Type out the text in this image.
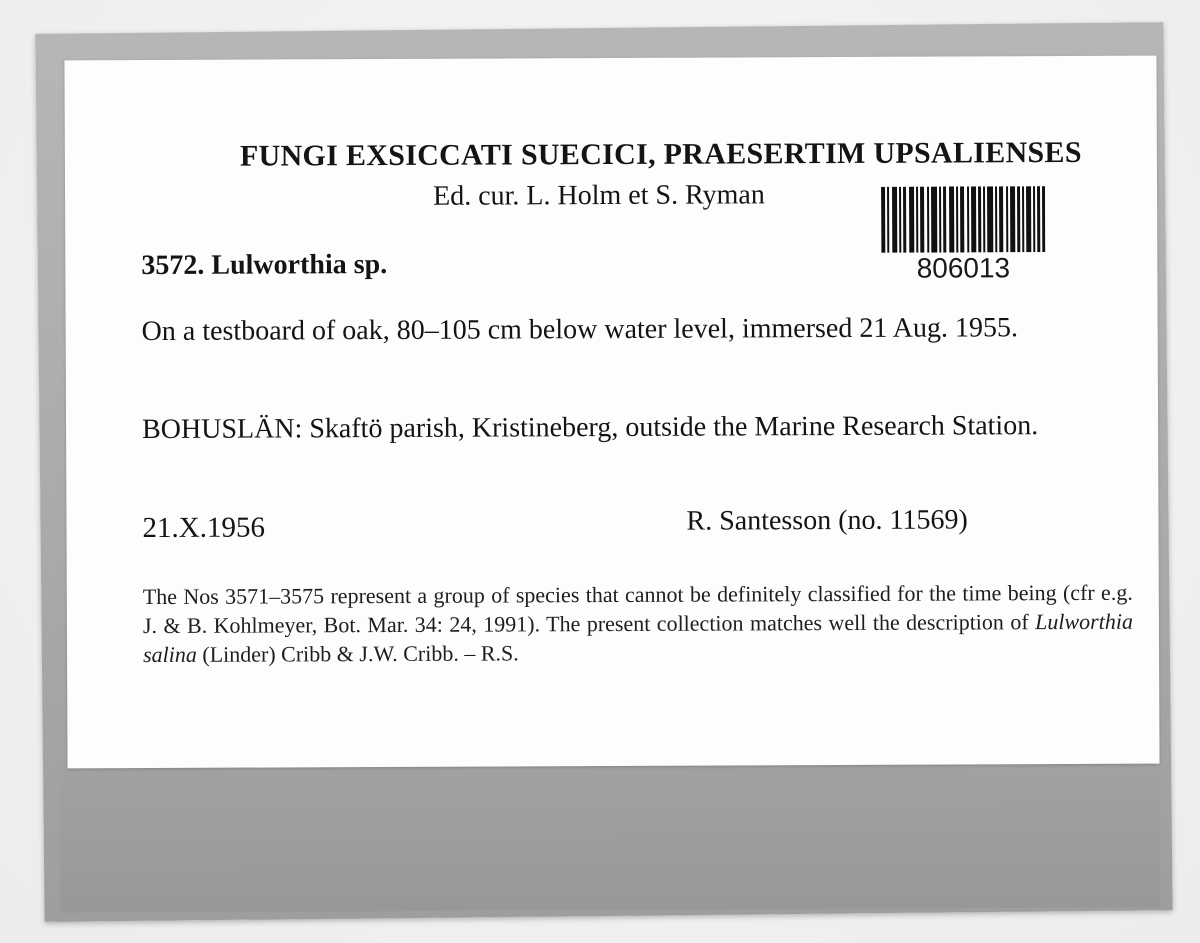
FUNGI EXSICCATI SUECICI, PRAESERTIM UPSALIENSES
Ed. cur. L. Holm et S. Ryman
806013
3572. Lulworthia sp.
On a testboard of oak, 80–105 cm below water level, immersed 21 Aug. 1955.
BOHUSLÄN: Skaftö parish, Kristineberg, outside the Marine Research Station.
21.X.1956	R. Santesson (no. 11569)
The Nos 3571–3575 represent a group of species that cannot be definitely classified for the time being (cfr e.g. J. & B. Kohlmeyer, Bot. Mar. 34: 24, 1991). The present collection matches well the description of Lulworthia salina (Linder) Cribb & J.W. Cribb. – R.S.
